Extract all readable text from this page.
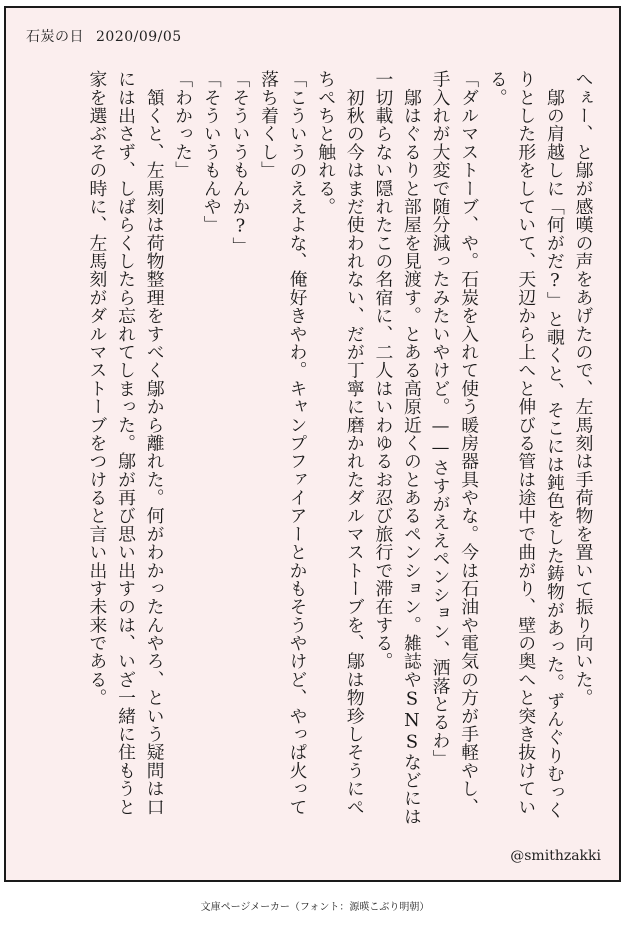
石炭の日 2020/09/05

へぇー、と鄔が感嘆の声をあげたので、左馬刻は手荷物を置いて振り向いた。

　鄔の肩越しに「何がだ?」と覗くと、そこには鈍色をした鋳物があった。ずんぐりむっくりとした形をしていて、天辺から上へと伸びる管は途中で曲がり、壁の奥へと突き抜けている。

「ダルマストーブ、や。石炭を入れて使う暖房器具やな。今は石油や電気の方が手軽やし、手入れが大変で随分減ったみたいやけど。——さすがええペンション、洒落とるわ」

　鄔はぐるりと部屋を見渡す。とある高原近くのとあるペンション。雑誌やSNSなどには一切載らない隠れたこの名宿に、二人はいわゆるお忍び旅行で滞在する。

　初秋の今はまだ使われない、だが丁寧に磨かれたダルマストーブを、鄔は物珍しそうにぺちぺちと触れる。

「こういうのええよな、俺好きやわ。キャンプファイアーとかもそうやけど、やっぱ火って落ち着くし」

「そういうもんか?」

「そういうもんや」

「わかった」

　頷くと、左馬刻は荷物整理をすべく鄔から離れた。何がわかったんやろ、という疑問は口には出さず、しばらくしたら忘れてしまった。鄔が再び思い出すのは、いざ一緒に住もうと家を選ぶその時に、左馬刻がダルマストーブをつけると言い出す未来である。

@smithzakki
文庫ページメーカー（フォント：源暎こぶり明朝）
